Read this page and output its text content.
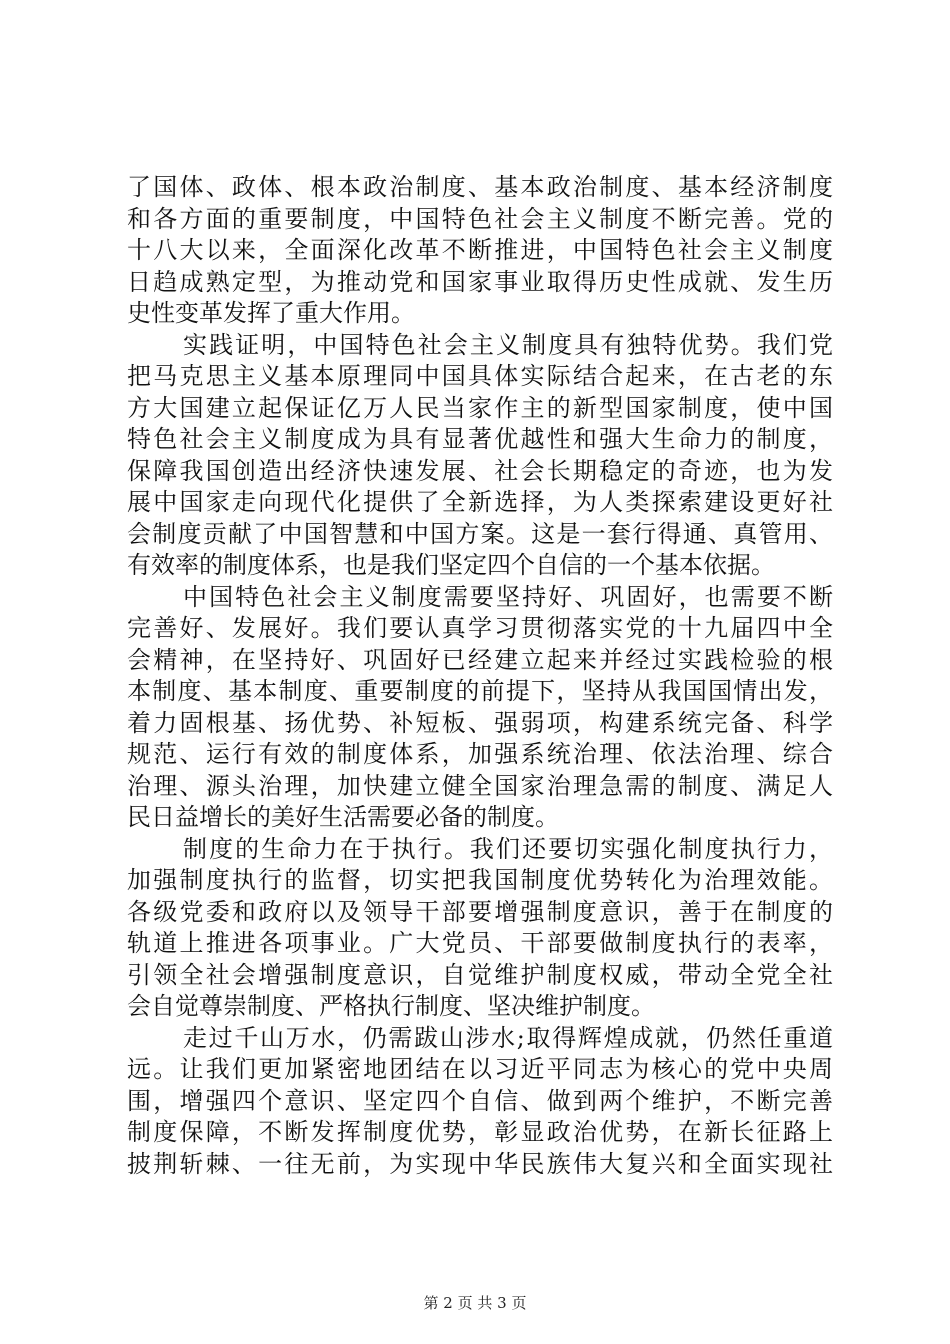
了国体、政体、根本政治制度、基本政治制度、基本经济制度
和各方面的重要制度，中国特色社会主义制度不断完善。党的
十八大以来，全面深化改革不断推进，中国特色社会主义制度
日趋成熟定型，为推动党和国家事业取得历史性成就、发生历
史性变革发挥了重大作用。
实践证明，中国特色社会主义制度具有独特优势。我们党
把马克思主义基本原理同中国具体实际结合起来，在古老的东
方大国建立起保证亿万人民当家作主的新型国家制度，使中国
特色社会主义制度成为具有显著优越性和强大生命力的制度，
保障我国创造出经济快速发展、社会长期稳定的奇迹，也为发
展中国家走向现代化提供了全新选择，为人类探索建设更好社
会制度贡献了中国智慧和中国方案。这是一套行得通、真管用、
有效率的制度体系，也是我们坚定四个自信的一个基本依据。
中国特色社会主义制度需要坚持好、巩固好，也需要不断
完善好、发展好。我们要认真学习贯彻落实党的十九届四中全
会精神，在坚持好、巩固好已经建立起来并经过实践检验的根
本制度、基本制度、重要制度的前提下，坚持从我国国情出发，
着力固根基、扬优势、补短板、强弱项，构建系统完备、科学
规范、运行有效的制度体系，加强系统治理、依法治理、综合
治理、源头治理，加快建立健全国家治理急需的制度、满足人
民日益增长的美好生活需要必备的制度。
制度的生命力在于执行。我们还要切实强化制度执行力，
加强制度执行的监督，切实把我国制度优势转化为治理效能。
各级党委和政府以及领导干部要增强制度意识，善于在制度的
轨道上推进各项事业。广大党员、干部要做制度执行的表率，
引领全社会增强制度意识，自觉维护制度权威，带动全党全社
会自觉尊崇制度、严格执行制度、坚决维护制度。
走过千山万水，仍需跋山涉水;取得辉煌成就，仍然任重道
远。让我们更加紧密地团结在以习近平同志为核心的党中央周
围，增强四个意识、坚定四个自信、做到两个维护，不断完善
制度保障，不断发挥制度优势，彰显政治优势，在新长征路上
披荆斩棘、一往无前，为实现中华民族伟大复兴和全面实现社
第 2 页 共 3 页
